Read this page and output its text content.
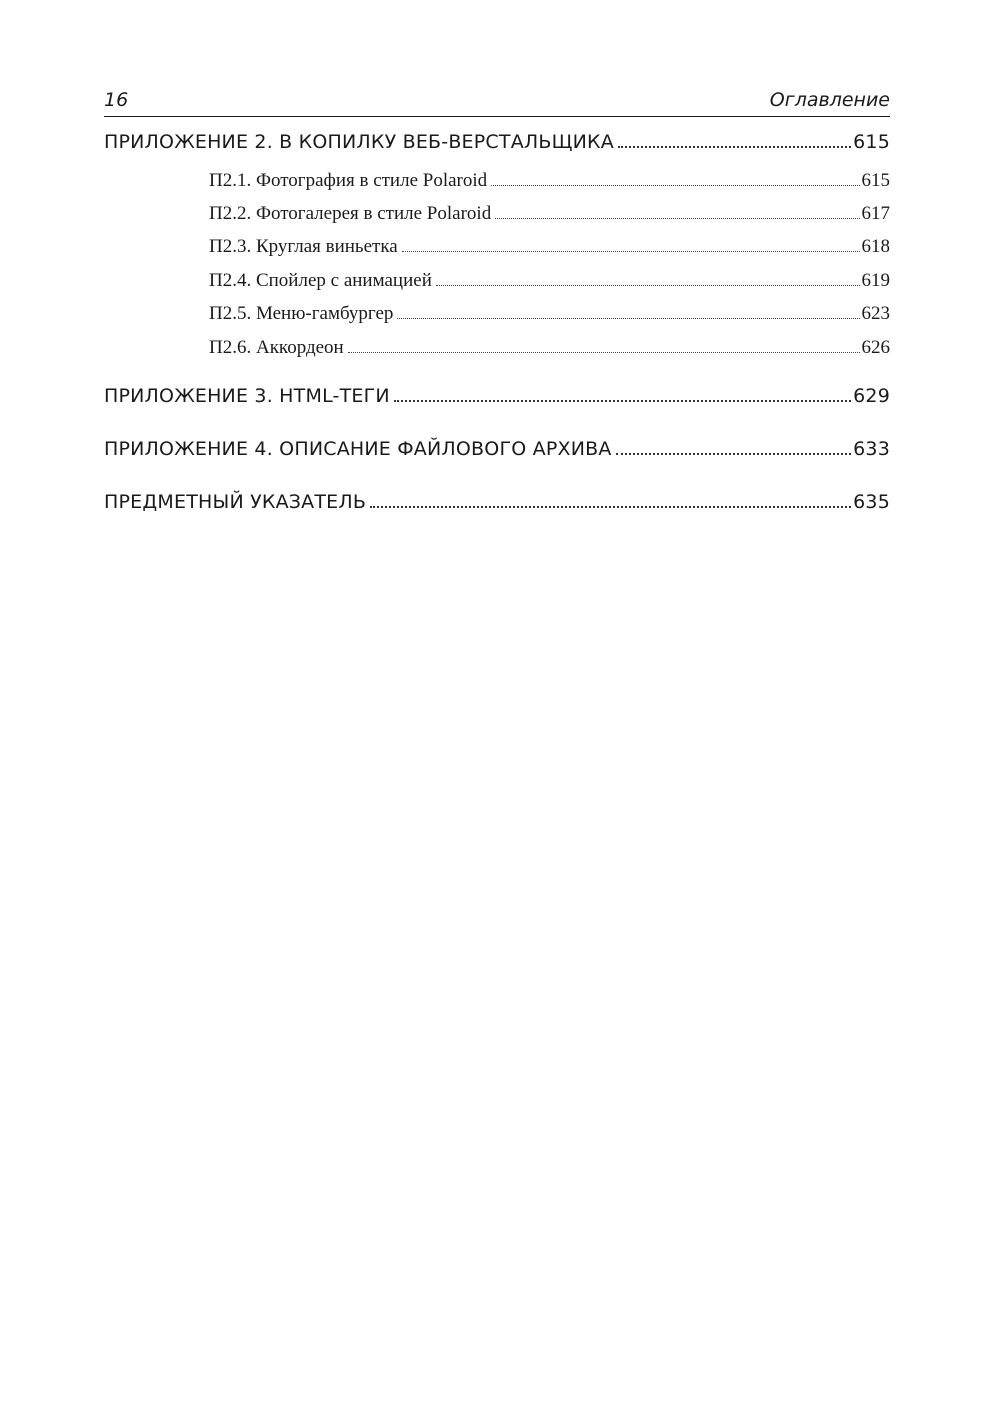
16	Оглавление
ПРИЛОЖЕНИЕ 2. В КОПИЛКУ ВЕБ-ВЕРСТАЛЬЩИКА	615
П2.1. Фотография в стиле Polaroid	615
П2.2. Фотогалерея в стиле Polaroid	617
П2.3. Круглая виньетка	618
П2.4. Спойлер с анимацией	619
П2.5. Меню-гамбургер	623
П2.6. Аккордеон	626
ПРИЛОЖЕНИЕ 3. HTML-ТЕГИ	629
ПРИЛОЖЕНИЕ 4. ОПИСАНИЕ ФАЙЛОВОГО АРХИВА	633
ПРЕДМЕТНЫЙ УКАЗАТЕЛЬ	635
